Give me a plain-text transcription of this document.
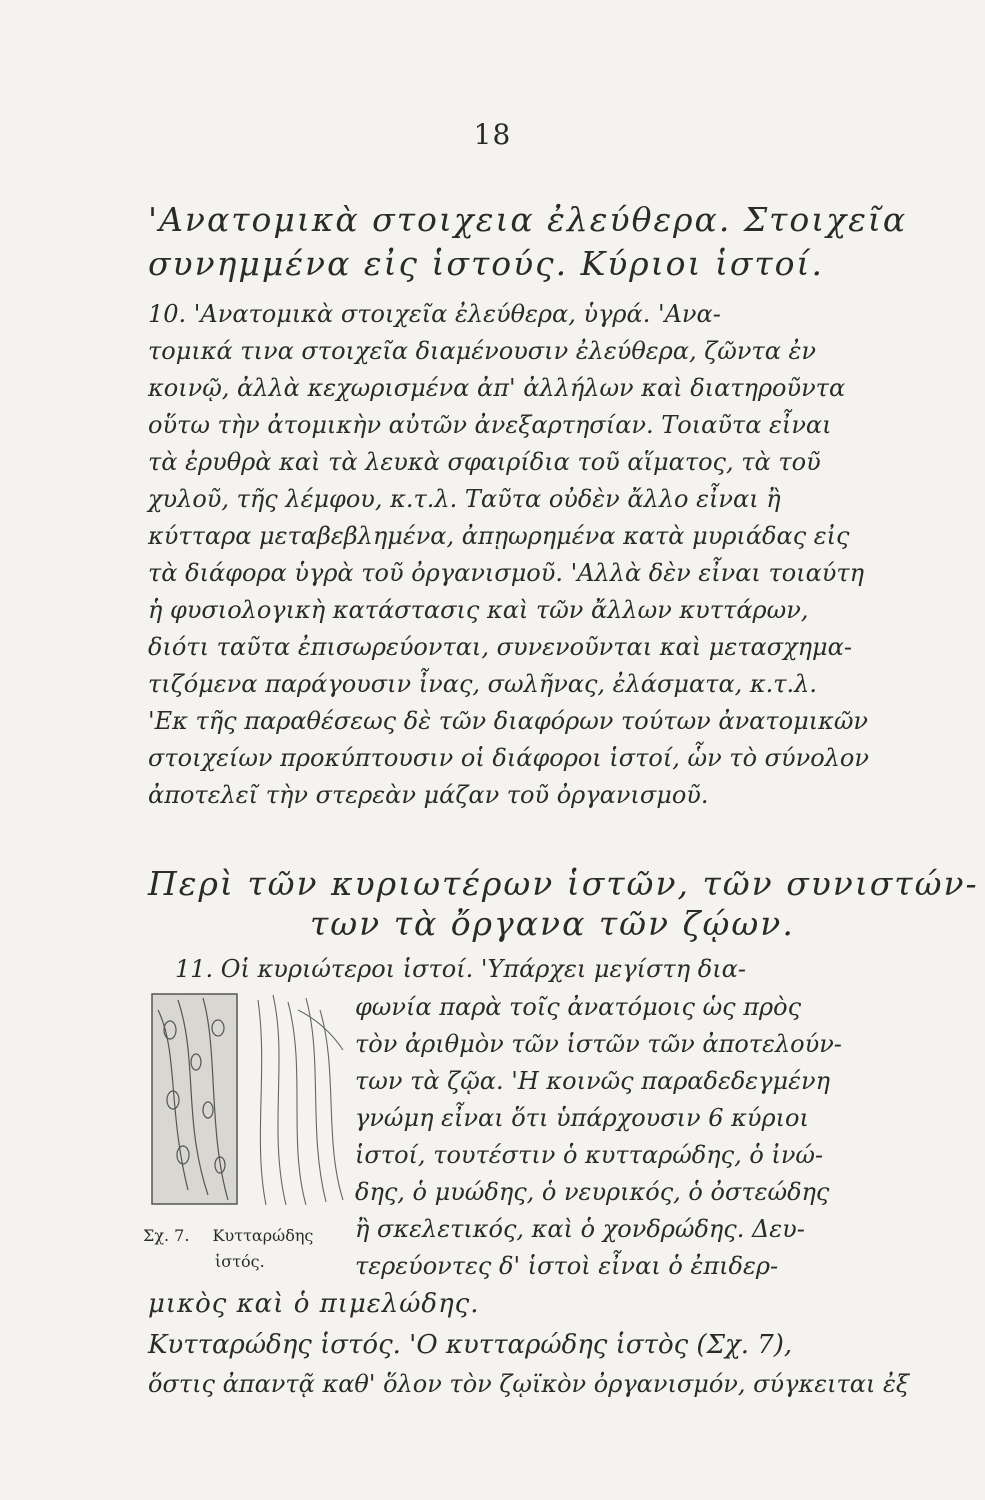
18
'Ανατομικὰ στοιχεια ἐλεύθερα. Στοιχεῖα
συνημμένα εἰς ἱστούς. Κύριοι ἱστοί.
10. 'Ανατομικὰ στοιχεῖα ἐλεύθερα, ὑγρά. 'Ανα-
τομικά τινα στοιχεῖα διαμένουσιν ἐλεύθερα, ζῶντα ἐν
κοινῷ, ἀλλὰ κεχωρισμένα ἀπ' ἀλλήλων καὶ διατηροῦντα
οὕτω τὴν ἀτομικὴν αὐτῶν ἀνεξαρτησίαν. Τοιαῦτα εἶναι
τὰ ἐρυθρὰ καὶ τὰ λευκὰ σφαιρίδια τοῦ αἵματος, τὰ τοῦ
χυλοῦ, τῆς λέμφου, κ.τ.λ. Ταῦτα οὐδὲν ἄλλο εἶναι ἢ
κύτταρα μεταβεβλημένα, ἀπῃωρημένα κατὰ μυριάδας εἰς
τὰ διάφορα ὑγρὰ τοῦ ὀργανισμοῦ. 'Αλλὰ δὲν εἶναι τοιαύτη
ἡ φυσιολογικὴ κατάστασις καὶ τῶν ἄλλων κυττάρων,
διότι ταῦτα ἐπισωρεύονται, συνενοῦνται καὶ μετασχημα-
τιζόμενα παράγουσιν ἶνας, σωλῆνας, ἐλάσματα, κ.τ.λ.
'Εκ τῆς παραθέσεως δὲ τῶν διαφόρων τούτων ἀνατομικῶν
στοιχείων προκύπτουσιν οἱ διάφοροι ἱστοί, ὧν τὸ σύνολον
ἀποτελεῖ τὴν στερεὰν μάζαν τοῦ ὀργανισμοῦ.
Περὶ τῶν κυριωτέρων ἱστῶν, τῶν συνιστών-
των τὰ ὄργανα τῶν ζῴων.
11. Οἱ κυριώτεροι ἱστοί. 'Υπάρχει μεγίστη δια-
Σχ. 7. Κυτταρώδης
ἱστός.
φωνία παρὰ τοῖς ἀνατόμοις ὡς πρὸς
τὸν ἀριθμὸν τῶν ἱστῶν τῶν ἀποτελούν-
των τὰ ζῷα. 'Η κοινῶς παραδεδεγμένη
γνώμη εἶναι ὅτι ὑπάρχουσιν 6 κύριοι
ἱστοί, τουτέστιν ὁ κυτταρώδης, ὁ ἰνώ-
δης, ὁ μυώδης, ὁ νευρικός, ὁ ὀστεώδης
ἢ σκελετικός, καὶ ὁ χονδρώδης. Δευ-
τερεύοντες δ' ἱστοὶ εἶναι ὁ ἐπιδερ-
μικὸς καὶ ὁ πιμελώδης.
Κυτταρώδης ἱστός. 'Ο κυτταρώδης ἱστὸς (Σχ. 7),
ὅστις ἀπαντᾷ καθ' ὅλον τὸν ζῳϊκὸν ὀργανισμόν, σύγκειται ἐξ
